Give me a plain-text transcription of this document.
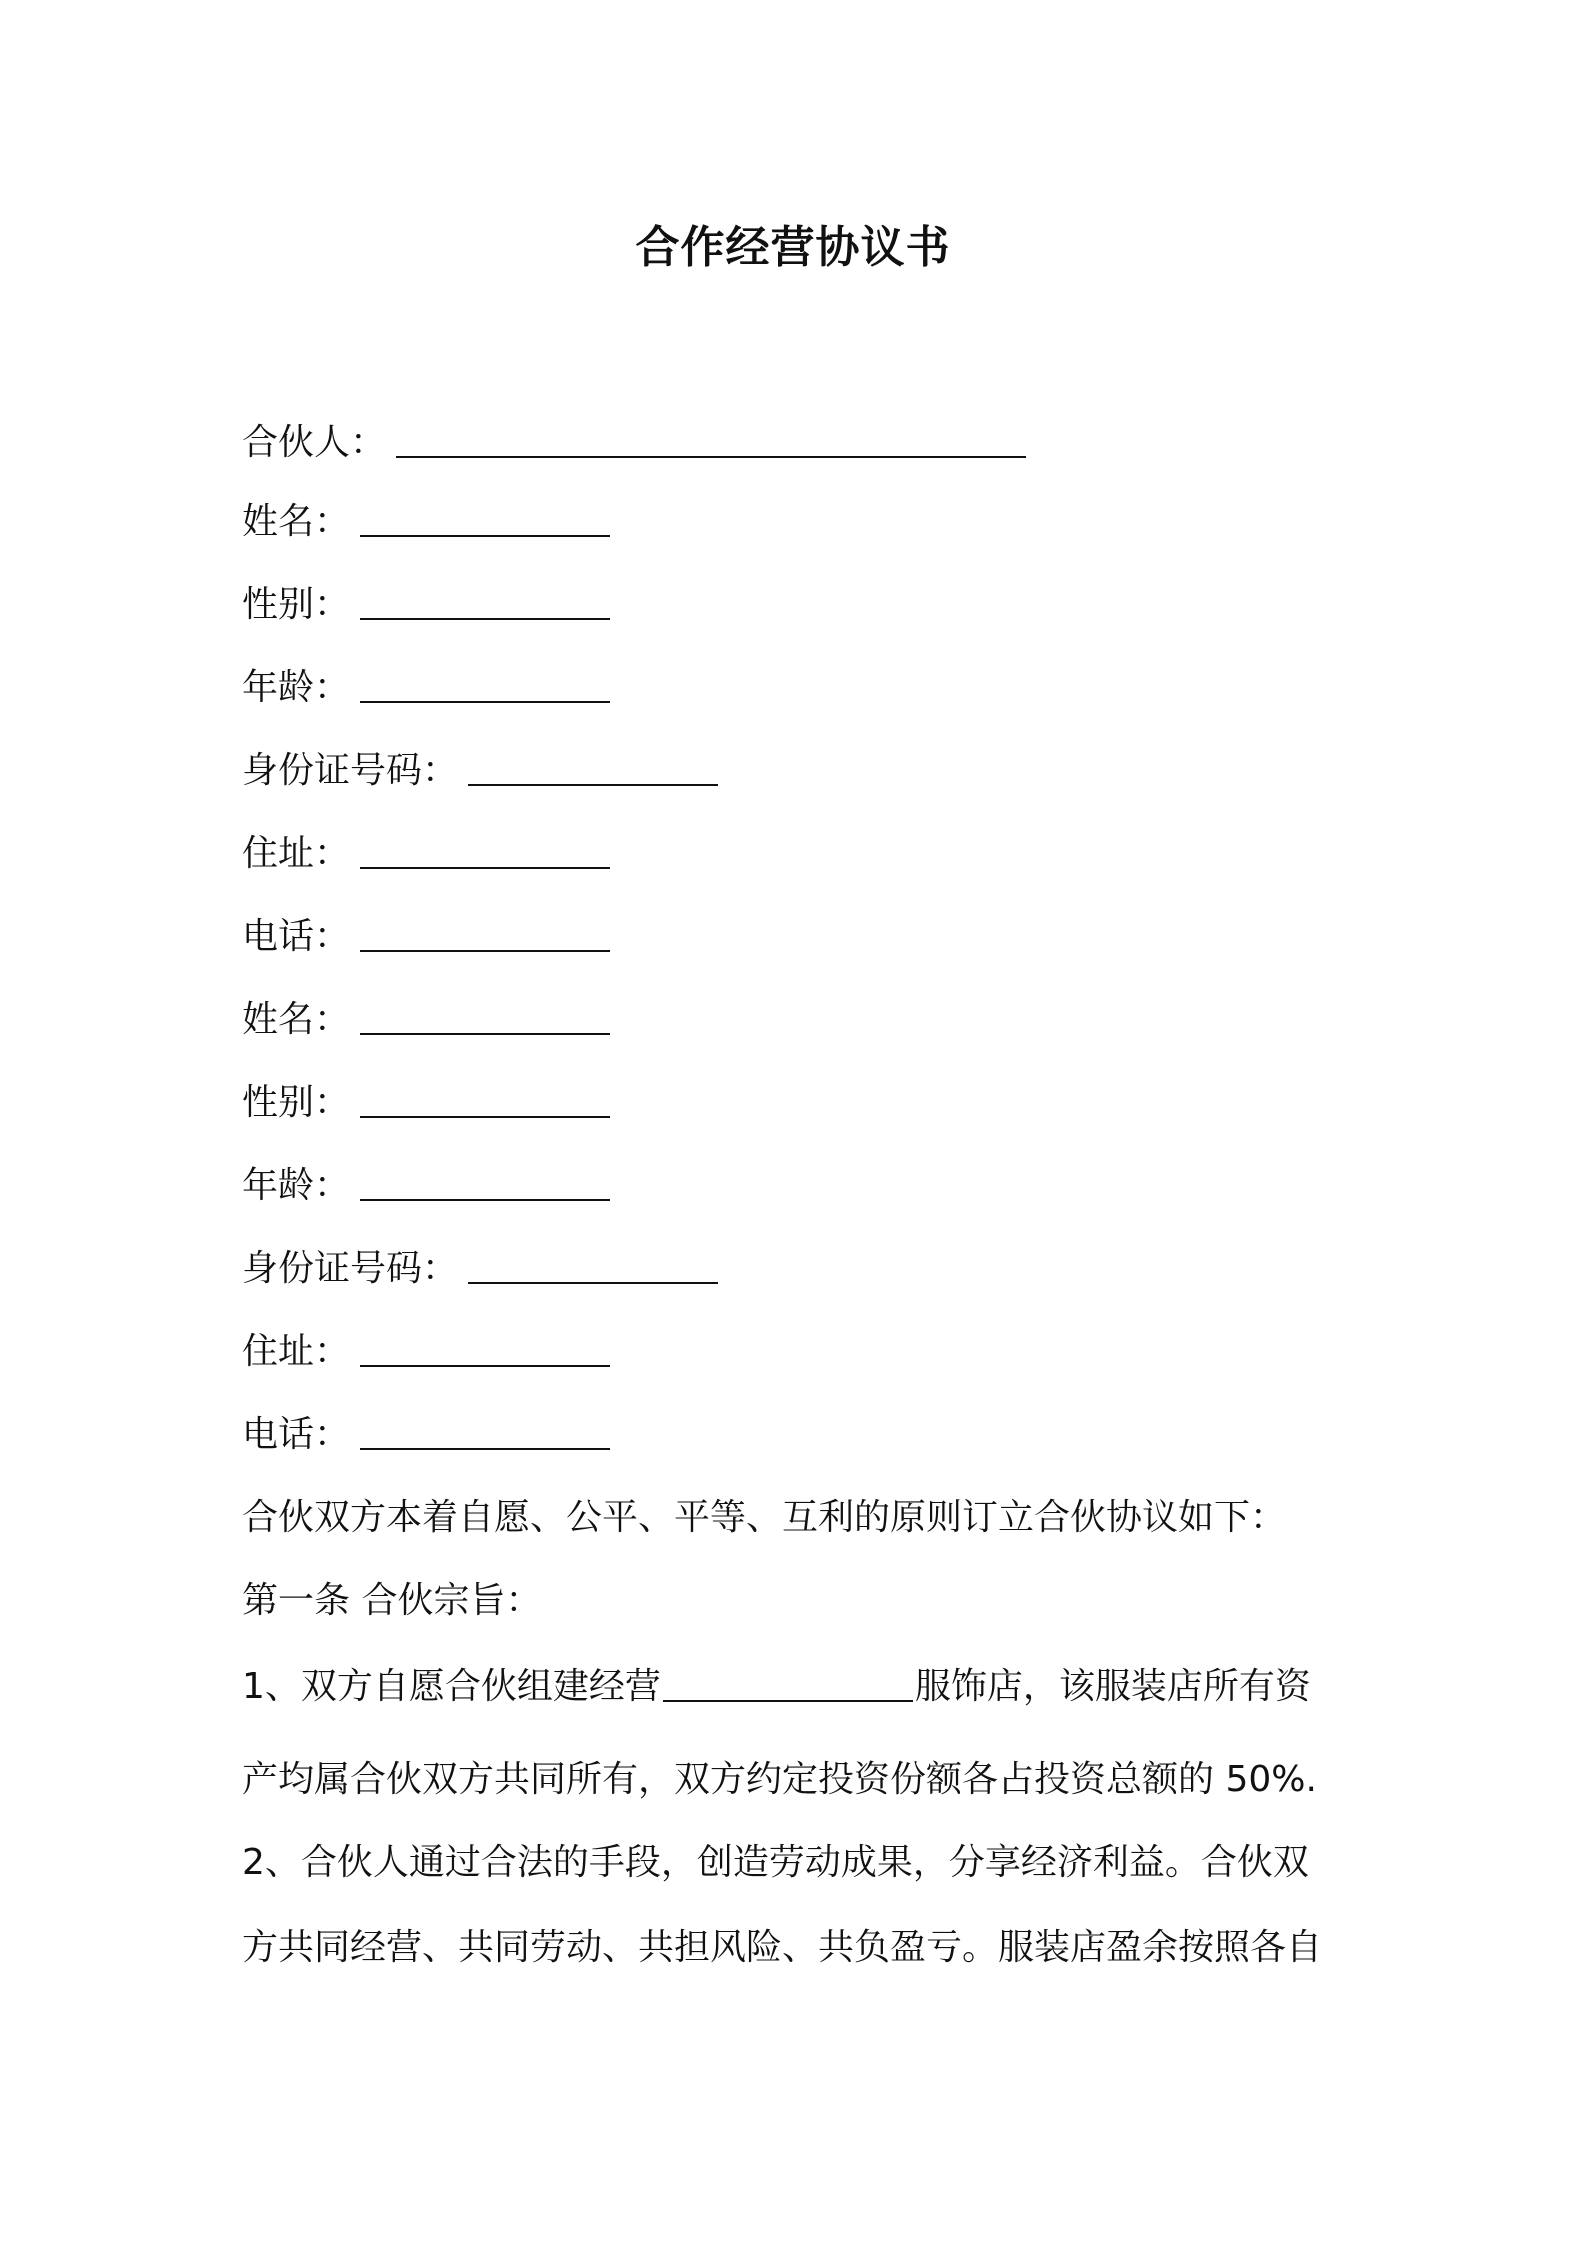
合作经营协议书
合伙人：
姓名：
性别：
年龄：
身份证号码：
住址：
电话：
姓名：
性别：
年龄：
身份证号码：
住址：
电话：
合伙双方本着自愿、公平、平等、互利的原则订立合伙协议如下：
第一条 合伙宗旨：
1、双方自愿合伙组建经营	服饰店，该服装店所有资
产均属合伙双方共同所有，双方约定投资份额各占投资总额的 50%.
2、合伙人通过合法的手段，创造劳动成果，分享经济利益。合伙双
方共同经营、共同劳动、共担风险、共负盈亏。服装店盈余按照各自
